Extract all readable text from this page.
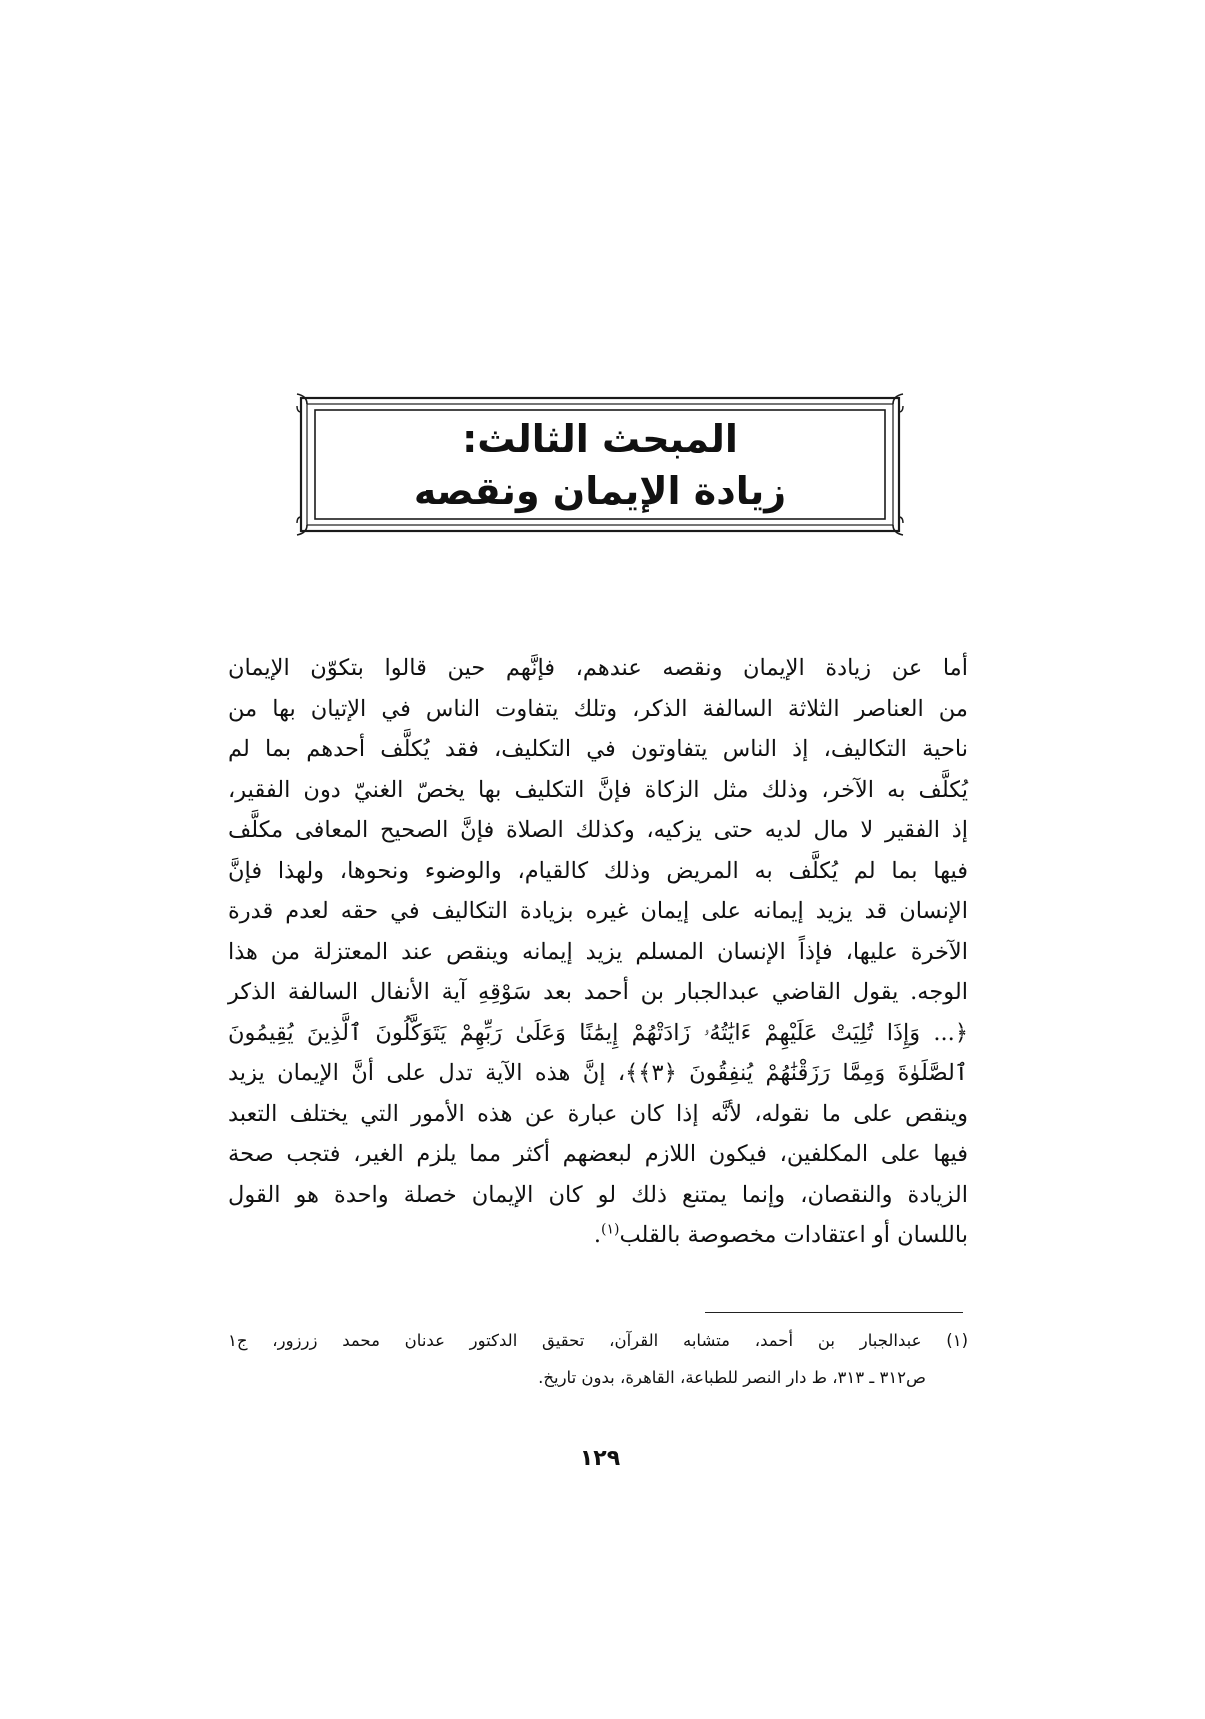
المبحث الثالث:
زيادة الإيمان ونقصه
أما عن زيادة الإيمان ونقصه عندهم، فإنَّهم حين قالوا بتكوّن الإيمان
من العناصر الثلاثة السالفة الذكر، وتلك يتفاوت الناس في الإتيان بها من
ناحية التكاليف، إذ الناس يتفاوتون في التكليف، فقد يُكلَّف أحدهم بما لم
يُكلَّف به الآخر، وذلك مثل الزكاة فإنَّ التكليف بها يخصّ الغنيّ دون الفقير،
إذ الفقير لا مال لديه حتى يزكيه، وكذلك الصلاة فإنَّ الصحيح المعافى مكلَّف
فيها بما لم يُكلَّف به المريض وذلك كالقيام، والوضوء ونحوها، ولهذا فإنَّ
الإنسان قد يزيد إيمانه على إيمان غيره بزيادة التكاليف في حقه لعدم قدرة
الآخرة عليها، فإذاً الإنسان المسلم يزيد إيمانه وينقص عند المعتزلة من هذا
الوجه. يقول القاضي عبدالجبار بن أحمد بعد سَوْقِهِ آية الأنفال السالفة الذكر
﴿... وَإِذَا تُلِيَتْ عَلَيْهِمْ ءَايَٰتُهُۥ زَادَتْهُمْ إِيمَٰنًا وَعَلَىٰ رَبِّهِمْ يَتَوَكَّلُونَ ٱلَّذِينَ يُقِيمُونَ
ٱلصَّلَوٰةَ وَمِمَّا رَزَقْنَٰهُمْ يُنفِقُونَ ﴿٣﴾﴾، إنَّ هذه الآية تدل على أنَّ الإيمان يزيد
وينقص على ما نقوله، لأنَّه إذا كان عبارة عن هذه الأمور التي يختلف التعبد
فيها على المكلفين، فيكون اللازم لبعضهم أكثر مما يلزم الغير، فتجب صحة
الزيادة والنقصان، وإنما يمتنع ذلك لو كان الإيمان خصلة واحدة هو القول
باللسان أو اعتقادات مخصوصة بالقلب$^{(١)}$.
(١) عبدالجبار بن أحمد، متشابه القرآن، تحقيق الدكتور عدنان محمد زرزور، ج١
ص٣١٢ ـ ٣١٣، ط دار النصر للطباعة، القاهرة، بدون تاريخ.
١٢٩
